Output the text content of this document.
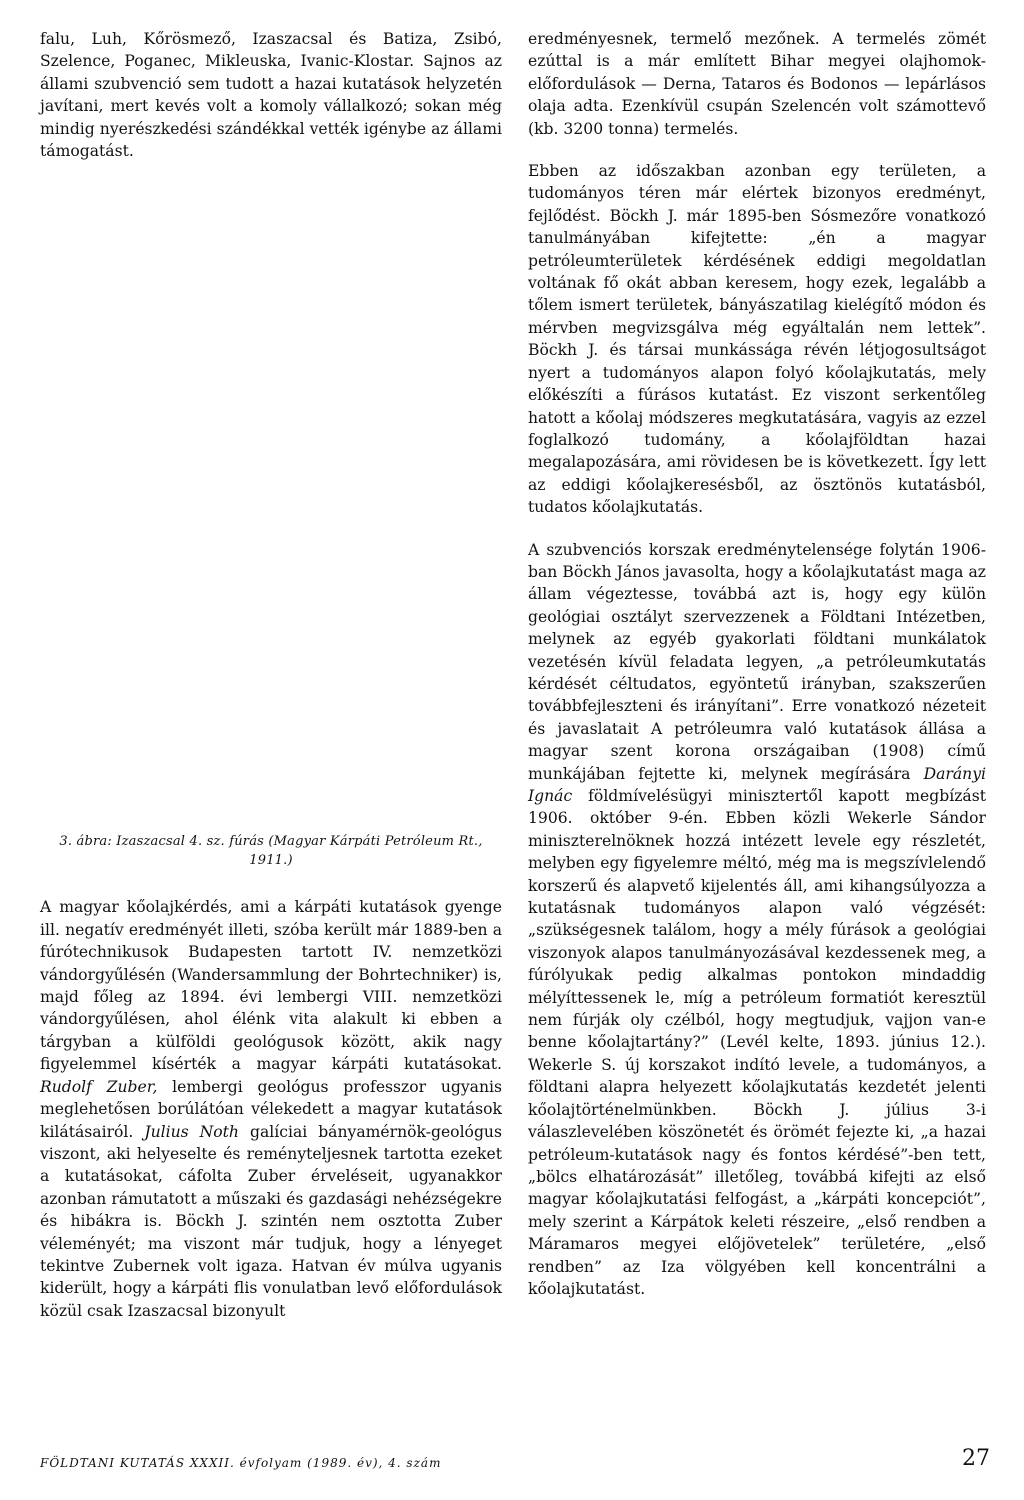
falu, Luh, Kőrösmező, Izaszacsal és Batiza, Zsibó, Szelence, Poganec, Mikleuska, Ivanic-Klostar. Sajnos az állami szubvenció sem tudott a hazai kutatások helyzetén javítani, mert kevés volt a komoly vállalkozó; sokan még mindig nyerészkedési szándékkal vették igénybe az állami támogatást.

3. ábra: Izaszacsal 4. sz. fúrás (Magyar Kárpáti Petróleum Rt., 1911.)

A magyar kőolajkérdés, ami a kárpáti kutatások gyenge ill. negatív eredményét illeti, szóba került már 1889-ben a fúrótechnikusok Budapesten tartott IV. nemzetközi vándorgyűlésén (Wandersammlung der Bohrtechniker) is, majd főleg az 1894. évi lembergi VIII. nemzetközi vándorgyűlésen, ahol élénk vita alakult ki ebben a tárgyban a külföldi geológusok között, akik nagy figyelemmel kísérték a magyar kárpáti kutatásokat. Rudolf Zuber, lembergi geológus professzor ugyanis meglehetősen borúlátóan vélekedett a magyar kutatások kilátásairól. Julius Noth galíciai bányamérnök-geológus viszont, aki helyeselte és reményteljesnek tartotta ezeket a kutatásokat, cáfolta Zuber érveléseit, ugyanakkor azonban rámutatott a műszaki és gazdasági nehézségekre és hibákra is. Böckh J. szintén nem osztotta Zuber véleményét; ma viszont már tudjuk, hogy a lényeget tekintve Zubernek volt igaza. Hatvan év múlva ugyanis kiderült, hogy a kárpáti flis vonulatban levő előfordulások közül csak Izaszacsal bizonyult

eredményesnek, termelő mezőnek. A termelés zömét ezúttal is a már említett Bihar megyei olajhomok-előfordulások — Derna, Tataros és Bodonos — lepárlásos olaja adta. Ezenkívül csupán Szelencén volt számottevő (kb. 3200 tonna) termelés.

Ebben az időszakban azonban egy területen, a tudományos téren már elértek bizonyos eredményt, fejlődést. Böckh J. már 1895-ben Sósmezőre vonatkozó tanulmányában kifejtette: „én a magyar petróleumterületek kérdésének eddigi megoldatlan voltának fő okát abban keresem, hogy ezek, legalább a tőlem ismert területek, bányászatilag kielégítő módon és mérvben megvizsgálva még egyáltalán nem lettek”. Böckh J. és társai munkássága révén létjogosultságot nyert a tudományos alapon folyó kőolajkutatás, mely előkészíti a fúrásos kutatást. Ez viszont serkentőleg hatott a kőolaj módszeres megkutatására, vagyis az ezzel foglalkozó tudomány, a kőolajföldtan hazai megalapozására, ami rövidesen be is következett. Így lett az eddigi kőolajkeresésből, az ösztönös kutatásból, tudatos kőolajkutatás.

A szubvenciós korszak eredménytelensége folytán 1906-ban Böckh János javasolta, hogy a kőolajkutatást maga az állam végeztesse, továbbá azt is, hogy egy külön geológiai osztályt szervezzenek a Földtani Intézetben, melynek az egyéb gyakorlati földtani munkálatok vezetésén kívül feladata legyen, „a petróleumkutatás kérdését céltudatos, egyöntetű irányban, szakszerűen továbbfejleszteni és irányítani”. Erre vonatkozó nézeteit és javaslatait A petróleumra való kutatások állása a magyar szent korona országaiban (1908) című munkájában fejtette ki, melynek megírására Darányi Ignác földmívelésügyi minisztertől kapott megbízást 1906. október 9-én. Ebben közli Wekerle Sándor miniszterelnöknek hozzá intézett levele egy részletét, melyben egy figyelemre méltó, még ma is megszívlelendő korszerű és alapvető kijelentés áll, ami kihangsúlyozza a kutatásnak tudományos alapon való végzését: „szükségesnek találom, hogy a mély fúrások a geológiai viszonyok alapos tanulmányozásával kezdessenek meg, a fúrólyukak pedig alkalmas pontokon mindaddig mélyíttessenek le, míg a petróleum formatiót keresztül nem fúrják oly czélból, hogy megtudjuk, vajjon van-e benne kőolajtartány?” (Levél kelte, 1893. június 12.). Wekerle S. új korszakot indító levele, a tudományos, a földtani alapra helyezett kőolajkutatás kezdetét jelenti kőolajtörténelmünkben. Böckh J. július 3-i válaszlevelében köszönetét és örömét fejezte ki, „a hazai petróleum-kutatások nagy és fontos kérdésé”-ben tett, „bölcs elhatározását” illetőleg, továbbá kifejti az első magyar kőolajkutatási felfogást, a „kárpáti koncepciót”, mely szerint a Kárpátok keleti részeire, „első rendben a Máramaros megyei előjövetelek” területére, „első rendben” az Iza völgyében kell koncentrálni a kőolajkutatást.

FÖLDTANI KUTATÁS XXXII. évfolyam (1989. év), 4. szám	27
